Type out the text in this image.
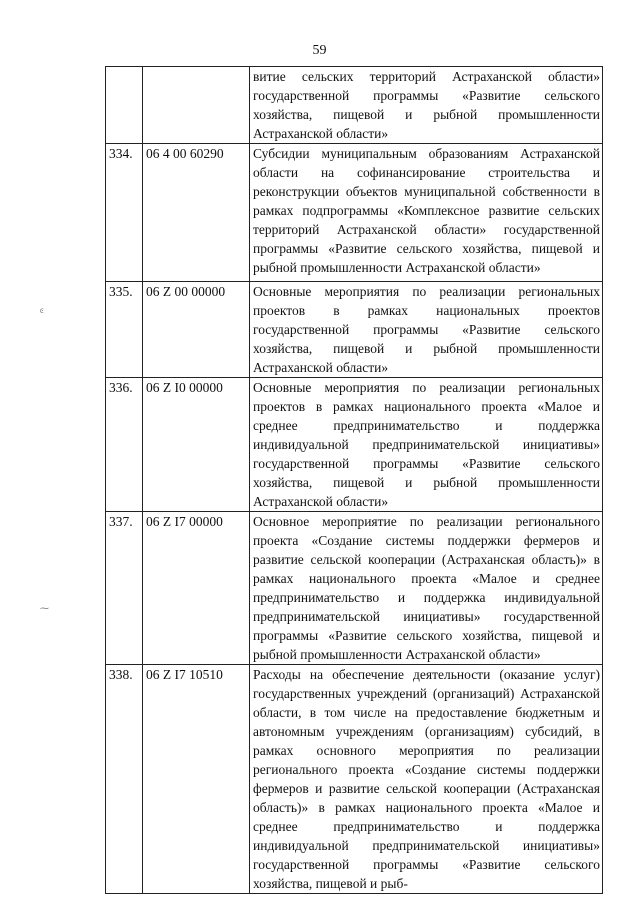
59
ͼ
⁓
		витие сельских территорий Астраханской области» государственной программы «Развитие сельского хозяйства, пищевой и рыбной промышленности Астраханской области»
334.	06 4 00 60290	Субсидии муниципальным образованиям Астраханской области на софинансирование строительства и реконструкции объектов муниципальной собственности в рамках подпрограммы «Комплексное развитие сельских территорий Астраханской области» государственной программы «Развитие сельского хозяйства, пищевой и рыбной промышленности Астраханской области»
335.	06 Z 00 00000	Основные мероприятия по реализации региональных проектов в рамках национальных проектов государственной программы «Развитие сельского хозяйства, пищевой и рыбной промышленности Астраханской области»
336.	06 Z I0 00000	Основные мероприятия по реализации региональных проектов в рамках национального проекта «Малое и среднее предпринимательство и поддержка индивидуальной предпринимательской инициативы» государственной программы «Развитие сельского хозяйства, пищевой и рыбной промышленности Астраханской области»
337.	06 Z I7 00000	Основное мероприятие по реализации регионального проекта «Создание системы поддержки фермеров и развитие сельской кооперации (Астраханская область)» в рамках национального проекта «Малое и среднее предпринимательство и поддержка индивидуальной предпринимательской инициативы» государственной программы «Развитие сельского хозяйства, пищевой и рыбной промышленности Астраханской области»
338.	06 Z I7 10510	Расходы на обеспечение деятельности (оказание услуг) государственных учреждений (организаций) Астраханской области, в том числе на предоставление бюджетным и автономным учреждениям (организациям) субсидий, в рамках основного мероприятия по реализации регионального проекта «Создание системы поддержки фермеров и развитие сельской кооперации (Астраханская область)» в рамках национального проекта «Малое и среднее предпринимательство и поддержка индивидуальной предпринимательской инициативы» государственной программы «Развитие сельского хозяйства, пищевой и рыб-
